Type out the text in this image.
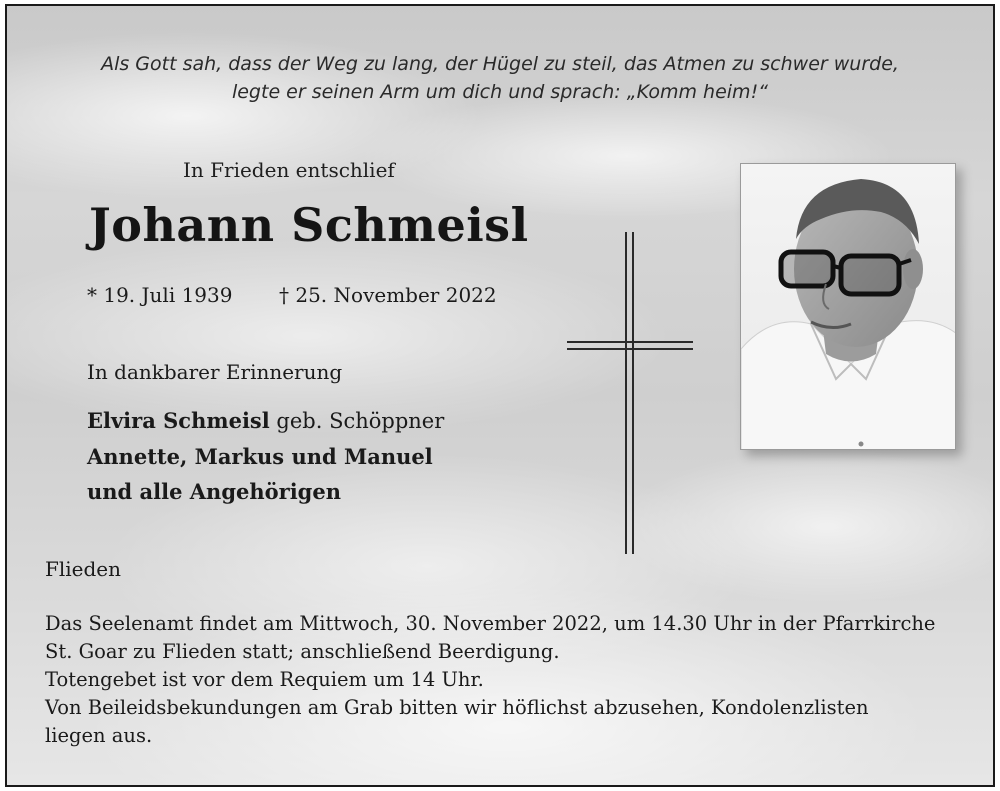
Als Gott sah, dass der Weg zu lang, der Hügel zu steil, das Atmen zu schwer wurde,
legte er seinen Arm um dich und sprach: „Komm heim!“
In Frieden entschlief
Johann Schmeisl
* 19. Juli 1939 † 25. November 2022
In dankbarer Erinnerung
Elvira Schmeisl geb. Schöppner
Annette, Markus und Manuel
und alle Angehörigen
Flieden
Das Seelenamt findet am Mittwoch, 30. November 2022, um 14.30 Uhr in der Pfarrkirche
St. Goar zu Flieden statt; anschließend Beerdigung.
Totengebet ist vor dem Requiem um 14 Uhr.
Von Beileidsbekundungen am Grab bitten wir höflichst abzusehen, Kondolenzlisten
liegen aus.
